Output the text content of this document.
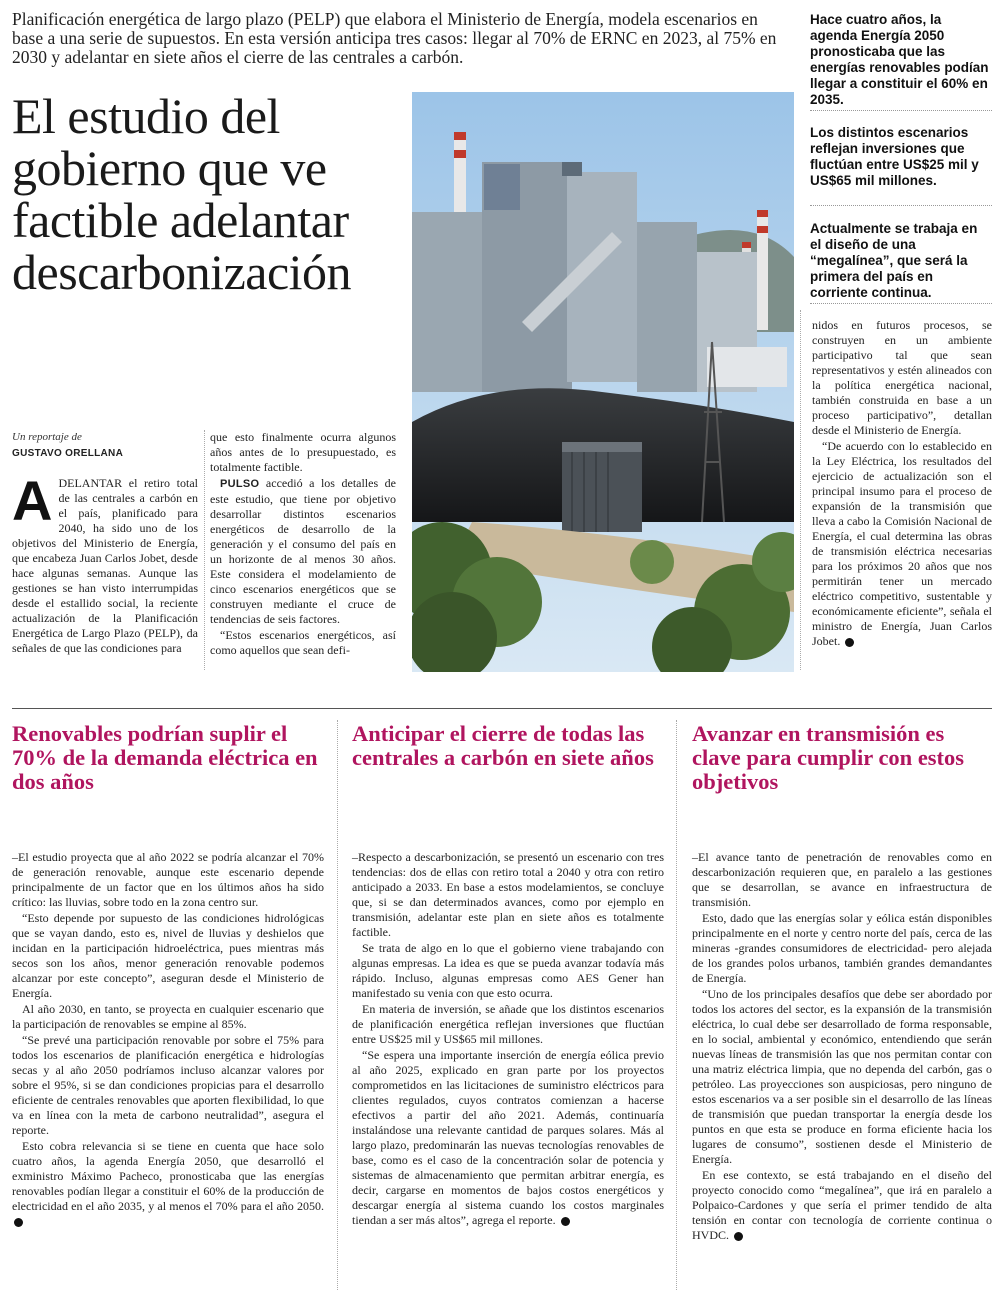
Planificación energética de largo plazo (PELP) que elabora el Ministerio de Energía, modela escenarios en base a una serie de supuestos. En esta versión anticipa tres casos: llegar al 70% de ERNC en 2023, al 75% en 2030 y adelantar en siete años el cierre de las centrales a carbón.
El estudio del gobierno que ve factible adelantar descarbonización
Hace cuatro años, la agenda Energía 2050 pronosticaba que las energías renovables podían llegar a constituir el 60% en 2035.
Los distintos escenarios reflejan inversiones que fluctúan entre US$25 mil y US$65 mil millones.
Actualmente se trabaja en el diseño de una “megalínea”, que será la primera del país en corriente continua.
Un reportaje de
GUSTAVO ORELLANA

ADELANTAR el retiro total de las centrales a carbón en el país, planificado para 2040, ha sido uno de los objetivos del Ministerio de Energía, que encabeza Juan Carlos Jobet, desde hace algunas semanas. Aunque las gestiones se han visto interrumpidas desde el estallido social, la reciente actualización de la Planificación Energética de Largo Plazo (PELP), da señales de que las condiciones para

que esto finalmente ocurra algunos años antes de lo presupuestado, es totalmente factible.

PULSO accedió a los detalles de este estudio, que tiene por objetivo desarrollar distintos escenarios energéticos de desarrollo de la generación y el consumo del país en un horizonte de al menos 30 años. Este considera el modelamiento de cinco escenarios energéticos que se construyen mediante el cruce de tendencias de seis factores.

“Estos escenarios energéticos, así como aquellos que sean defi-

nidos en futuros procesos, se construyen en un ambiente participativo tal que sean representativos y estén alineados con la política energética nacional, también construida en base a un proceso participativo”, detallan desde el Ministerio de Energía.

“De acuerdo con lo establecido en la Ley Eléctrica, los resultados del ejercicio de actualización son el principal insumo para el proceso de expansión de la transmisión que lleva a cabo la Comisión Nacional de Energía, el cual determina las obras de transmisión eléctrica necesarias para los próximos 20 años que nos permitirán tener un mercado eléctrico competitivo, sustentable y económicamente eficiente”, señala el ministro de Energía, Juan Carlos Jobet. P

Renovables podrían suplir el 70% de la demanda eléctrica en dos años

–El estudio proyecta que al año 2022 se podría alcanzar el 70% de generación renovable, aunque este escenario depende principalmente de un factor que en los últimos años ha sido crítico: las lluvias, sobre todo en la zona centro sur.

“Esto depende por supuesto de las condiciones hidrológicas que se vayan dando, esto es, nivel de lluvias y deshielos que incidan en la participación hidroeléctrica, pues mientras más secos son los años, menor generación renovable podemos alcanzar por este concepto”, aseguran desde el Ministerio de Energía.

Al año 2030, en tanto, se proyecta en cualquier escenario que la participación de renovables se empine al 85%.

“Se prevé una participación renovable por sobre el 75% para todos los escenarios de planificación energética e hidrologías secas y al año 2050 podríamos incluso alcanzar valores por sobre el 95%, si se dan condiciones propicias para el desarrollo eficiente de centrales renovables que aporten flexibilidad, lo que va en línea con la meta de carbono neutralidad”, asegura el reporte.

Esto cobra relevancia si se tiene en cuenta que hace solo cuatro años, la agenda Energía 2050, que desarrolló el exministro Máximo Pacheco, pronosticaba que las energías renovables podían llegar a constituir el 60% de la producción de electricidad en el año 2035, y al menos el 70% para el año 2050. P

Anticipar el cierre de todas las centrales a carbón en siete años

–Respecto a descarbonización, se presentó un escenario con tres tendencias: dos de ellas con retiro total a 2040 y otra con retiro anticipado a 2033. En base a estos modelamientos, se concluye que, si se dan determinados avances, como por ejemplo en transmisión, adelantar este plan en siete años es totalmente factible.

Se trata de algo en lo que el gobierno viene trabajando con algunas empresas. La idea es que se pueda avanzar todavía más rápido. Incluso, algunas empresas como AES Gener han manifestado su venia con que esto ocurra.

En materia de inversión, se añade que los distintos escenarios de planificación energética reflejan inversiones que fluctúan entre US$25 mil y US$65 mil millones.

“Se espera una importante inserción de energía eólica previo al año 2025, explicado en gran parte por los proyectos comprometidos en las licitaciones de suministro eléctricos para clientes regulados, cuyos contratos comienzan a hacerse efectivos a partir del año 2021. Además, continuaría instalándose una relevante cantidad de parques solares. Más al largo plazo, predominarán las nuevas tecnologías renovables de base, como es el caso de la concentración solar de potencia y sistemas de almacenamiento que permitan arbitrar energía, es decir, cargarse en momentos de bajos costos energéticos y descargar energía al sistema cuando los costos marginales tiendan a ser más altos”, agrega el reporte. P

Avanzar en transmisión es clave para cumplir con estos objetivos

–El avance tanto de penetración de renovables como en descarbonización requieren que, en paralelo a las gestiones que se desarrollan, se avance en infraestructura de transmisión.

Esto, dado que las energías solar y eólica están disponibles principalmente en el norte y centro norte del país, cerca de las mineras -grandes consumidores de electricidad- pero alejada de los grandes polos urbanos, también grandes demandantes de Energía.

“Uno de los principales desafíos que debe ser abordado por todos los actores del sector, es la expansión de la transmisión eléctrica, lo cual debe ser desarrollado de forma responsable, en lo social, ambiental y económico, entendiendo que serán nuevas líneas de transmisión las que nos permitan contar con una matriz eléctrica limpia, que no dependa del carbón, gas o petróleo. Las proyecciones son auspiciosas, pero ninguno de estos escenarios va a ser posible sin el desarrollo de las líneas de transmisión que puedan transportar la energía desde los puntos en que esta se produce en forma eficiente hacia los lugares de consumo”, sostienen desde el Ministerio de Energía.

En ese contexto, se está trabajando en el diseño del proyecto conocido como “megalínea”, que irá en paralelo a Polpaico-Cardones y que sería el primer tendido de alta tensión en contar con tecnología de corriente continua o HVDC. P
